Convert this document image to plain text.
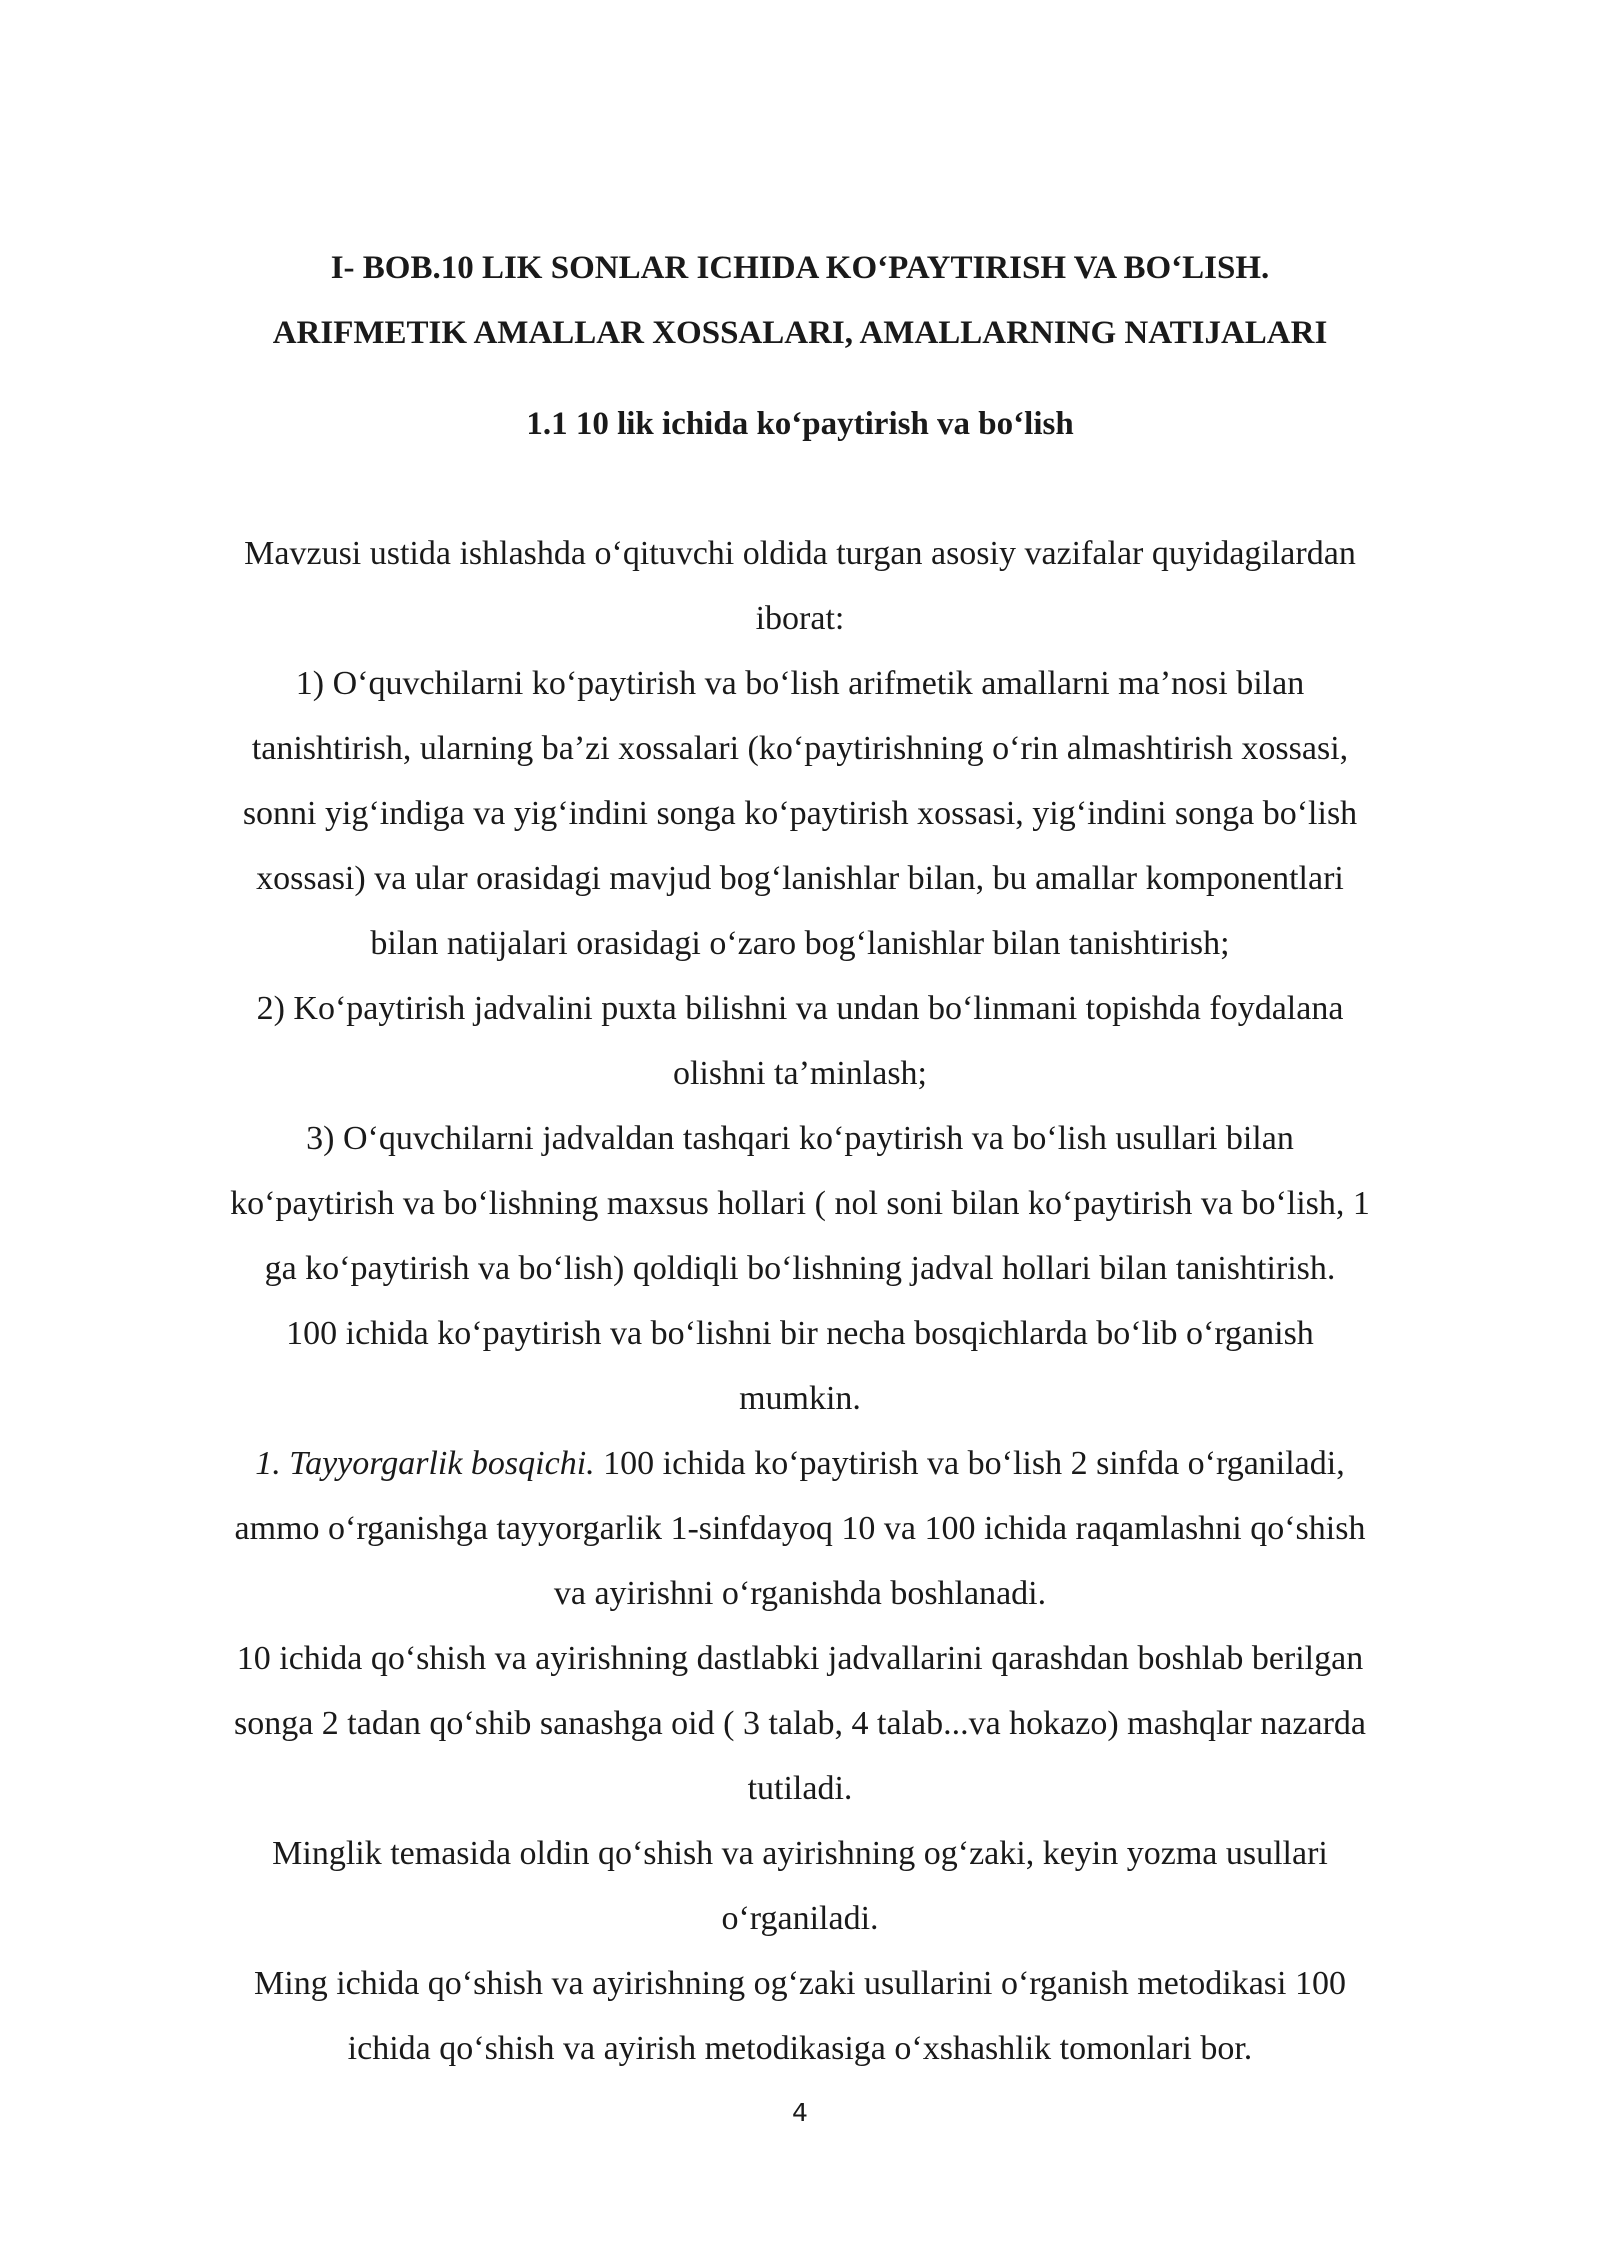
I- BOB.10 LIK SONLAR ICHIDA KOʻPAYTIRISH VA BOʻLISH.
ARIFMETIK AMALLAR XOSSALARI, AMALLARNING NATIJALARI
1.1 10 lik ichida koʻpaytirish va boʻlish

Mavzusi ustida ishlashda oʻqituvchi oldida turgan asosiy vazifalar quyidagilardan iborat:

1) Oʻquvchilarni koʻpaytirish va boʻlish arifmetik amallarni maʼnosi bilan tanishtirish, ularning baʼzi xossalari (koʻpaytirishning oʻrin almashtirish xossasi, sonni yigʻindiga va yigʻindini songa koʻpaytirish xossasi, yigʻindini songa boʻlish xossasi) va ular orasidagi mavjud bogʻlanishlar bilan, bu amallar komponentlari bilan natijalari orasidagi oʻzaro bogʻlanishlar bilan tanishtirish;

2) Koʻpaytirish jadvalini puxta bilishni va undan boʻlinmani topishda foydalana olishni taʼminlash;

3) Oʻquvchilarni jadvaldan tashqari koʻpaytirish va boʻlish usullari bilan koʻpaytirish va boʻlishning maxsus hollari ( nol soni bilan koʻpaytirish va boʻlish, 1 ga koʻpaytirish va boʻlish) qoldiqli boʻlishning jadval hollari bilan tanishtirish.

100 ichida koʻpaytirish va boʻlishni bir necha bosqichlarda boʻlib oʻrganish mumkin.

1. Tayyorgarlik bosqichi. 100 ichida koʻpaytirish va boʻlish 2 sinfda oʻrganiladi, ammo oʻrganishga tayyorgarlik 1-sinfdayoq 10 va 100 ichida raqamlashni qoʻshish va ayirishni oʻrganishda boshlanadi.

10 ichida qoʻshish va ayirishning dastlabki jadvallarini qarashdan boshlab berilgan songa 2 tadan qoʻshib sanashga oid ( 3 talab, 4 talab...va hokazo) mashqlar nazarda tutiladi.

Minglik temasida oldin qoʻshish va ayirishning ogʻzaki, keyin yozma usullari oʻrganiladi.

Ming ichida qoʻshish va ayirishning ogʻzaki usullarini oʻrganish metodikasi 100 ichida qoʻshish va ayirish metodikasiga oʻxshashlik tomonlari bor.

4
